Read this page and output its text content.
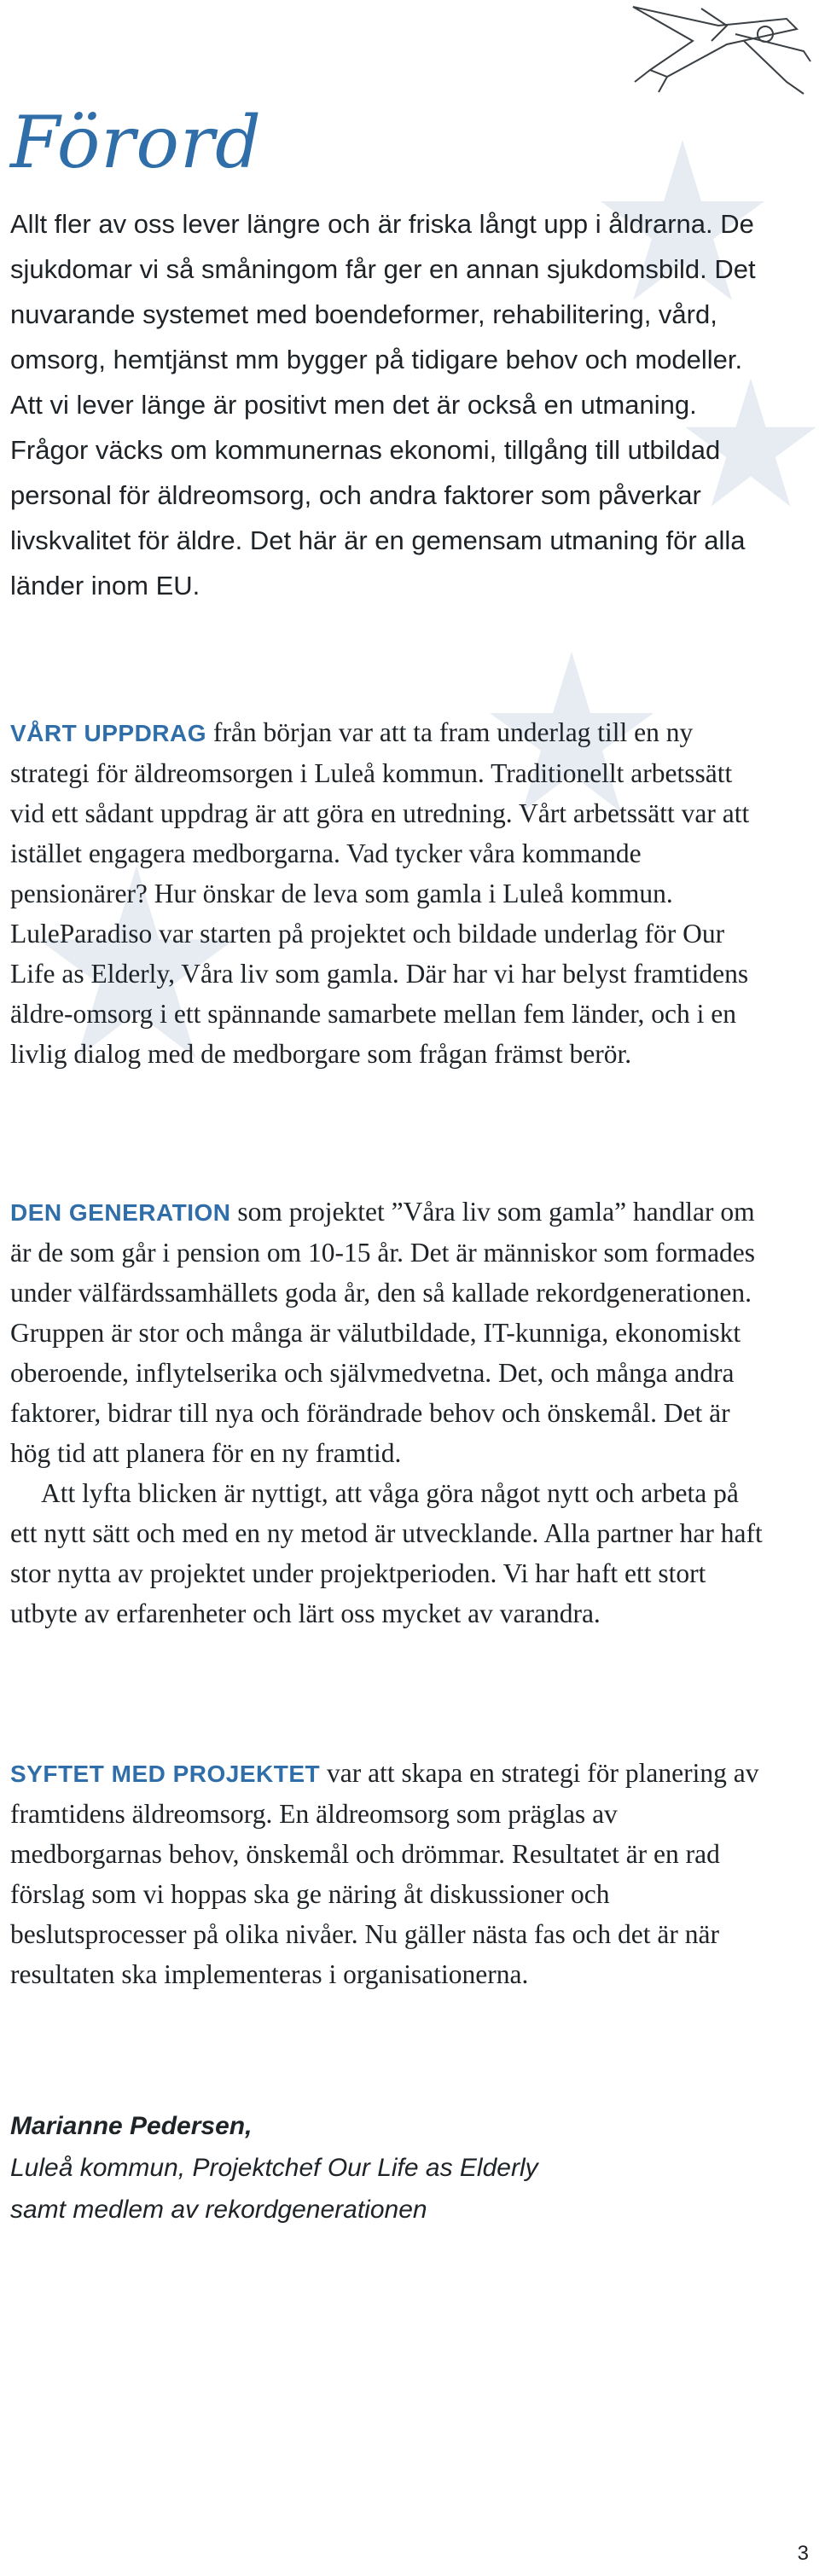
Förord

Allt fler av oss lever längre och är friska långt upp i åldrarna. De sjukdomar vi så småningom får ger en annan sjukdomsbild. Det nuvarande systemet med boendeformer, rehabilitering, vård, omsorg, hemtjänst mm bygger på tidigare behov och modeller. Att vi lever länge är positivt men det är också en utmaning. Frågor väcks om kommunernas ekonomi, tillgång till utbildad personal för äldreomsorg, och andra faktorer som påverkar livskvalitet för äldre. Det här är en gemensam utmaning för alla länder inom EU.

VÅRT UPPDRAG från början var att ta fram underlag till en ny strategi för äldreomsorgen i Luleå kommun. Traditionellt arbetssätt vid ett sådant uppdrag är att göra en utredning. Vårt arbetssätt var att istället engagera medborgarna. Vad tycker våra kommande pensionärer? Hur önskar de leva som gamla i Luleå kommun. LuleParadiso var starten på projektet och bildade underlag för Our Life as Elderly, Våra liv som gamla. Där har vi har belyst framtidens äldre-omsorg i ett spännande samarbete mellan fem länder, och i en livlig dialog med de medborgare som frågan främst berör.

DEN GENERATION som projektet ”Våra liv som gamla” handlar om är de som går i pension om 10-15 år. Det är människor som formades under välfärdssamhällets goda år, den så kallade rekordgenerationen. Gruppen är stor och många är välutbildade, IT-kunniga, ekonomiskt oberoende, inflytelserika och självmedvetna. Det, och många andra faktorer, bidrar till nya och förändrade behov och önskemål. Det är hög tid att planera för en ny framtid.
Att lyfta blicken är nyttigt, att våga göra något nytt och arbeta på ett nytt sätt och med en ny metod är utvecklande. Alla partner har haft stor nytta av projektet under projektperioden. Vi har haft ett stort utbyte av erfarenheter och lärt oss mycket av varandra.

SYFTET MED PROJEKTET var att skapa en strategi för planering av framtidens äldreomsorg. En äldreomsorg som präglas av medborgarnas behov, önskemål och drömmar. Resultatet är en rad förslag som vi hoppas ska ge näring åt diskussioner och beslutsprocesser på olika nivåer. Nu gäller nästa fas och det är när resultaten ska implementeras i organisationerna.

Marianne Pedersen,
Luleå kommun, Projektchef Our Life as Elderly
samt medlem av rekordgenerationen
3
